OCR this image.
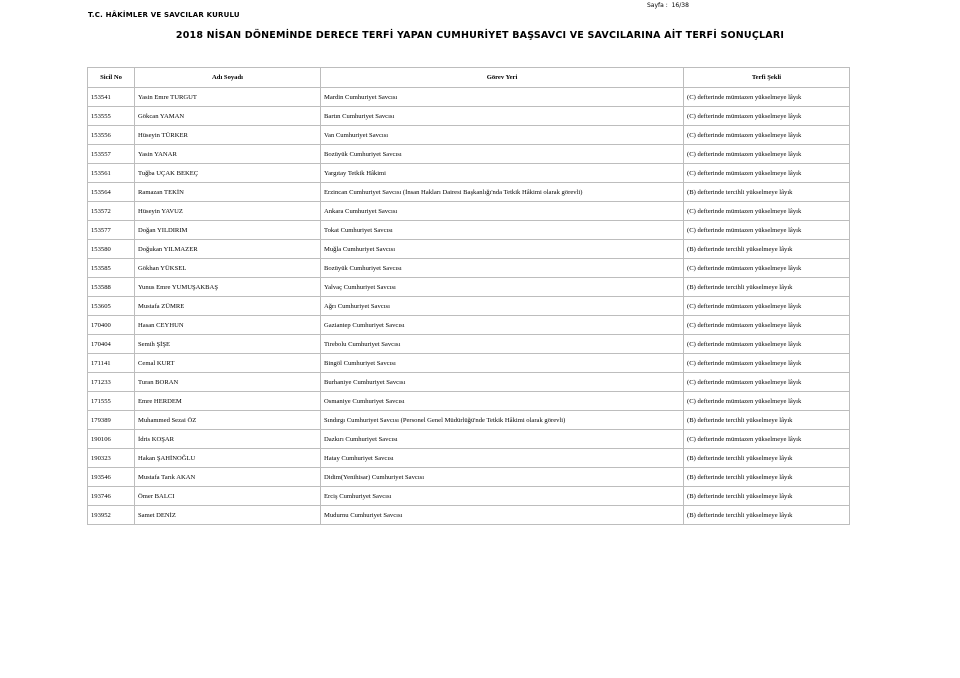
T.C. HÂKİMLER VE SAVCILAR KURULU
Sayfa : 16/38
2018 NİSAN DÖNEMİNDE DERECE TERFİ YAPAN CUMHURİYET BAŞSAVCI VE SAVCILARINA AİT TERFİ SONUÇLARI
Sicil No	Adı Soyadı	Görev Yeri	Terfi Şekli
153541	Yasin Emre TURGUT	Mardin Cumhuriyet Savcısı	(C) defterinde mümtazen yükselmeye lâyık
153555	Gökcan YAMAN	Bartın Cumhuriyet Savcısı	(C) defterinde mümtazen yükselmeye lâyık
153556	Hüseyin TÜRKER	Van Cumhuriyet Savcısı	(C) defterinde mümtazen yükselmeye lâyık
153557	Yasin YANAR	Bozüyük Cumhuriyet Savcısı	(C) defterinde mümtazen yükselmeye lâyık
153561	Tuğba UÇAK BEKEÇ	Yargıtay Tetkik Hâkimi	(C) defterinde mümtazen yükselmeye lâyık
153564	Ramazan TEKİN	Erzincan Cumhuriyet Savcısı (İnsan Hakları Dairesi Başkanlığı'nda Tetkik Hâkimi olarak görevli)	(B) defterinde tercihli yükselmeye lâyık
153572	Hüseyin YAVUZ	Ankara Cumhuriyet Savcısı	(C) defterinde mümtazen yükselmeye lâyık
153577	Doğan YILDIRIM	Tokat Cumhuriyet Savcısı	(C) defterinde mümtazen yükselmeye lâyık
153580	Doğukan YILMAZER	Muğla Cumhuriyet Savcısı	(B) defterinde tercihli yükselmeye lâyık
153585	Gökhan YÜKSEL	Bozüyük Cumhuriyet Savcısı	(C) defterinde mümtazen yükselmeye lâyık
153588	Yunus Emre YUMUŞAKBAŞ	Yalvaç Cumhuriyet Savcısı	(B) defterinde tercihli yükselmeye lâyık
153605	Mustafa ZÜMRE	Ağrı Cumhuriyet Savcısı	(C) defterinde mümtazen yükselmeye lâyık
170400	Hasan CEYHUN	Gaziantep Cumhuriyet Savcısı	(C) defterinde mümtazen yükselmeye lâyık
170404	Semih ŞİŞE	Tirebolu Cumhuriyet Savcısı	(C) defterinde mümtazen yükselmeye lâyık
171141	Cemal KURT	Bingöl Cumhuriyet Savcısı	(C) defterinde mümtazen yükselmeye lâyık
171233	Turan BORAN	Burhaniye Cumhuriyet Savcısı	(C) defterinde mümtazen yükselmeye lâyık
171555	Emre HERDEM	Osmaniye Cumhuriyet Savcısı	(C) defterinde mümtazen yükselmeye lâyık
179389	Muhammed Sezai ÖZ	Sındırgı Cumhuriyet Savcısı (Personel Genel Müdürlüğü'nde Tetkik Hâkimi olarak görevli)	(B) defterinde tercihli yükselmeye lâyık
190106	İdris KOŞAR	Dazkırı Cumhuriyet Savcısı	(C) defterinde mümtazen yükselmeye lâyık
190323	Hakan ŞAHİNOĞLU	Hatay Cumhuriyet Savcısı	(B) defterinde tercihli yükselmeye lâyık
193546	Mustafa Tarık AKAN	Didim(Yenihisar) Cumhuriyet Savcısı	(B) defterinde tercihli yükselmeye lâyık
193746	Ömer BALCI	Erciş Cumhuriyet Savcısı	(B) defterinde tercihli yükselmeye lâyık
193952	Samet DENİZ	Mudurnu Cumhuriyet Savcısı	(B) defterinde tercihli yükselmeye lâyık
